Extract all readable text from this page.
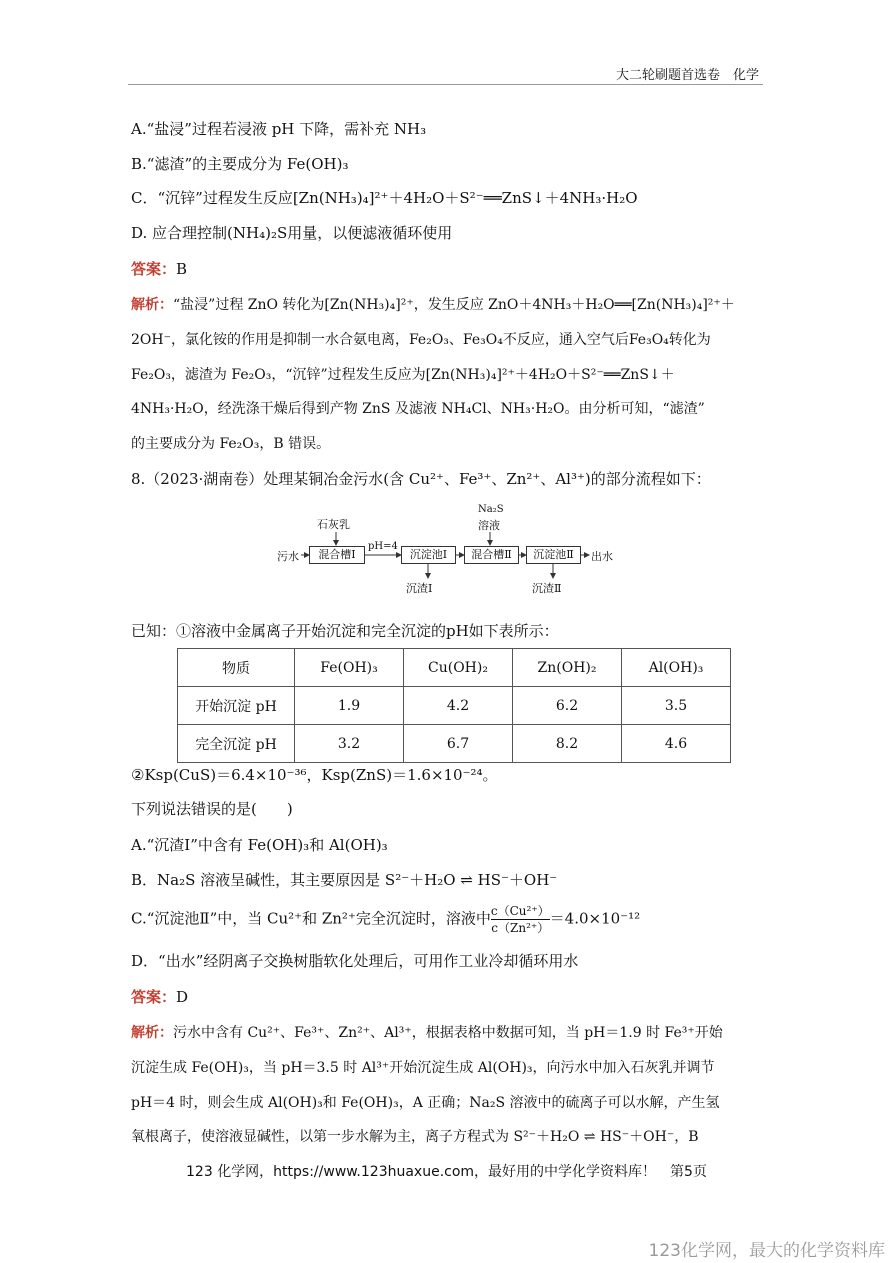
大二轮刷题首选卷　化学
A.“盐浸”过程若浸液 pH 下降，需补充 NH₃
B.“滤渣”的主要成分为 Fe(OH)₃
C．“沉锌”过程发生反应[Zn(NH₃)₄]²⁺＋4H₂O＋S²⁻══ZnS↓＋4NH₃·H₂O
D. 应合理控制(NH₄)₂S用量，以便滤液循环使用
答案：B
解析：“盐浸”过程 ZnO 转化为[Zn(NH₃)₄]²⁺，发生反应 ZnO＋4NH₃＋H₂O══[Zn(NH₃)₄]²⁺＋
2OH⁻，氯化铵的作用是抑制一水合氨电离，Fe₂O₃、Fe₃O₄不反应，通入空气后Fe₃O₄转化为
Fe₂O₃，滤渣为 Fe₂O₃，“沉锌”过程发生反应为[Zn(NH₃)₄]²⁺＋4H₂O＋S²⁻══ZnS↓＋
4NH₃·H₂O，经洗涤干燥后得到产物 ZnS 及滤液 NH₄Cl、NH₃·H₂O。由分析可知，“滤渣”
的主要成分为 Fe₂O₃，B 错误。
8.（2023·湖南卷）处理某铜冶金污水(含 Cu²⁺、Fe³⁺、Zn²⁺、Al³⁺)的部分流程如下：
污水
石灰乳
混合槽Ⅰ
pH=4
沉淀池Ⅰ
沉渣Ⅰ
Na₂S
溶液
混合槽Ⅱ	沉淀池Ⅱ
沉渣Ⅱ
出水
已知：①溶液中金属离子开始沉淀和完全沉淀的pH如下表所示：
物质	Fe(OH)₃	Cu(OH)₂	Zn(OH)₂	Al(OH)₃
开始沉淀 pH	1.9	4.2	6.2	3.5
完全沉淀 pH	3.2	6.7	8.2	4.6
②Ksp(CuS)＝6.4×10⁻³⁶，Ksp(ZnS)＝1.6×10⁻²⁴。
下列说法错误的是(　　)
A.“沉渣Ⅰ”中含有 Fe(OH)₃和 Al(OH)₃
B．Na₂S 溶液呈碱性，其主要原因是 S²⁻＋H₂O ⇌ HS⁻＋OH⁻
C.“沉淀池Ⅱ”中，当 Cu²⁺和 Zn²⁺完全沉淀时，溶液中 $\frac{\text{c（Cu²⁺）}}{\text{c（Zn²⁺）}} =4.0\times 10^{-12}$
D．“出水”经阴离子交换树脂软化处理后，可用作工业冷却循环用水
答案：D
解析：污水中含有 Cu²⁺、Fe³⁺、Zn²⁺、Al³⁺，根据表格中数据可知，当 pH＝1.9 时 Fe³⁺开始
沉淀生成 Fe(OH)₃，当 pH＝3.5 时 Al³⁺开始沉淀生成 Al(OH)₃，向污水中加入石灰乳并调节
pH＝4 时，则会生成 Al(OH)₃和 Fe(OH)₃，A 正确；Na₂S 溶液中的硫离子可以水解，产生氢
氧根离子，使溶液显碱性，以第一步水解为主，离子方程式为 S²⁻＋H₂O ⇌ HS⁻＋OH⁻，B
123 化学网，https://www.123huaxue.com，最好用的中学化学资料库！　第5页
123化学网，最大的化学资料库
